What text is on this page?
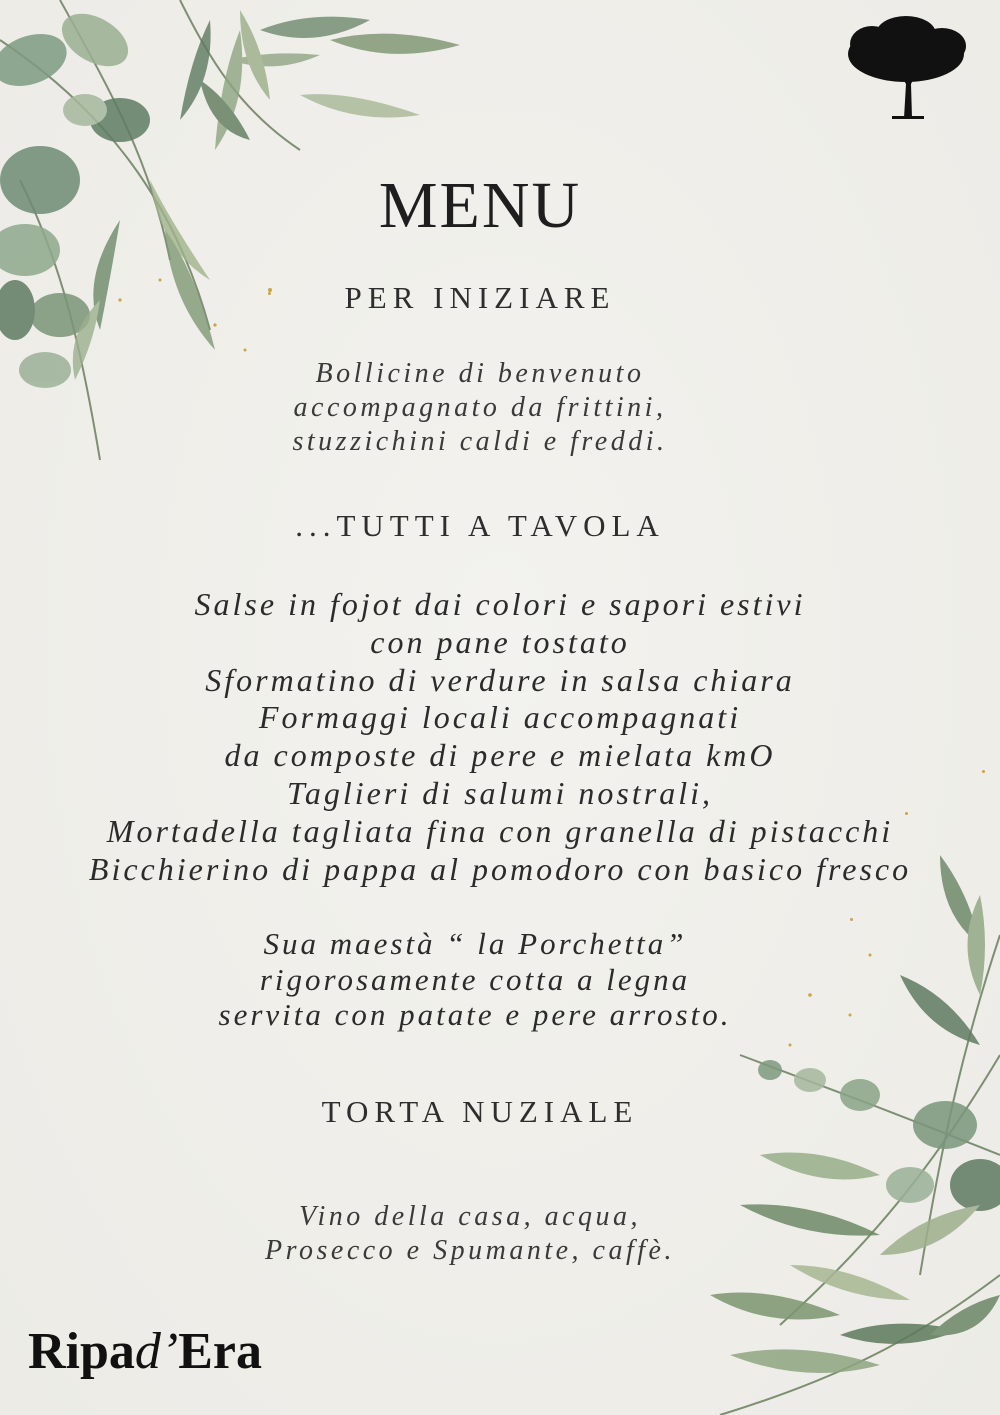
MENU
PER INIZIARE
Bollicine di benvenuto
accompagnato da frittini,
stuzzichini caldi e freddi.
...TUTTI A TAVOLA
Salse in fojot dai colori e sapori estivi
con pane tostato
Sformatino di verdure in salsa chiara
Formaggi locali accompagnati
da composte di pere e mielata kmO
Taglieri di salumi nostrali,
Mortadella tagliata fina con granella di pistacchi
Bicchierino di pappa al pomodoro con basico fresco
Sua maestà “ la Porchetta”
rigorosamente cotta a legna
servita con patate e pere arrosto.
TORTA NUZIALE
Vino della casa, acqua,
Prosecco e Spumante, caffè.
Ripad’Era
